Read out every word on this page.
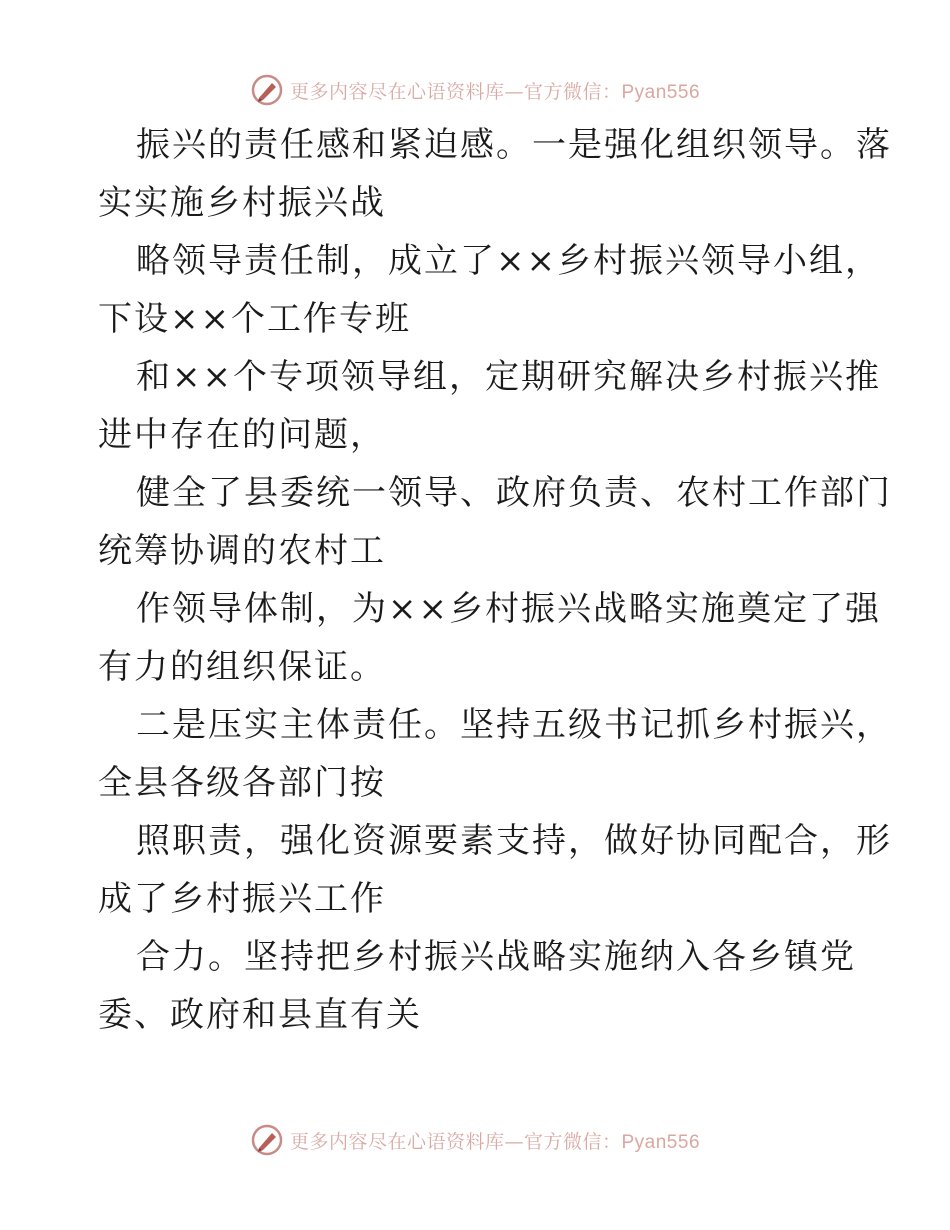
更多内容尽在心语资料库—官方微信：Pyan556
振兴的责任感和紧迫感。一是强化组织领导。落
实实施乡村振兴战
略领导责任制，成立了××乡村振兴领导小组，
下设××个工作专班
和××个专项领导组，定期研究解决乡村振兴推
进中存在的问题，
健全了县委统一领导、政府负责、农村工作部门
统筹协调的农村工
作领导体制，为××乡村振兴战略实施奠定了强
有力的组织保证。
二是压实主体责任。坚持五级书记抓乡村振兴，
全县各级各部门按
照职责，强化资源要素支持，做好协同配合，形
成了乡村振兴工作
合力。坚持把乡村振兴战略实施纳入各乡镇党
委、政府和县直有关
更多内容尽在心语资料库—官方微信：Pyan556
